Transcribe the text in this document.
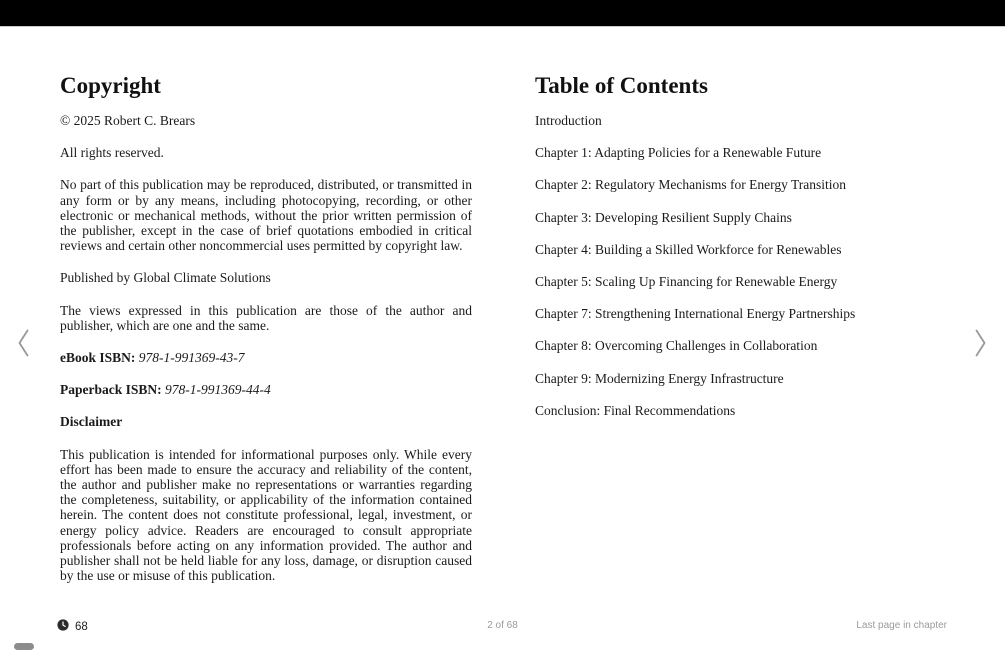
Copyright

© 2025 Robert C. Brears

All rights reserved.

No part of this publication may be reproduced, distributed, or transmitted in any form or by any means, including photocopying, recording, or other electronic or mechanical methods, without the prior written permission of the publisher, except in the case of brief quotations embodied in critical reviews and certain other noncommercial uses permitted by copyright law.

Published by Global Climate Solutions

The views expressed in this publication are those of the author and publisher, which are one and the same.

eBook ISBN: 978-1-991369-43-7

Paperback ISBN: 978-1-991369-44-4

Disclaimer

This publication is intended for informational purposes only. While every effort has been made to ensure the accuracy and reliability of the content, the author and publisher make no representations or warranties regarding the completeness, suitability, or applicability of the information contained herein. The content does not constitute professional, legal, investment, or energy policy advice. Readers are encouraged to consult appropriate professionals before acting on any information provided. The author and publisher shall not be held liable for any loss, damage, or disruption caused by the use or misuse of this publication.

Table of Contents

Introduction

Chapter 1: Adapting Policies for a Renewable Future

Chapter 2: Regulatory Mechanisms for Energy Transition

Chapter 3: Developing Resilient Supply Chains

Chapter 4: Building a Skilled Workforce for Renewables

Chapter 5: Scaling Up Financing for Renewable Energy

Chapter 7: Strengthening International Energy Partnerships

Chapter 8: Overcoming Challenges in Collaboration

Chapter 9: Modernizing Energy Infrastructure

Conclusion: Final Recommendations

68	2 of 68	Last page in chapter
